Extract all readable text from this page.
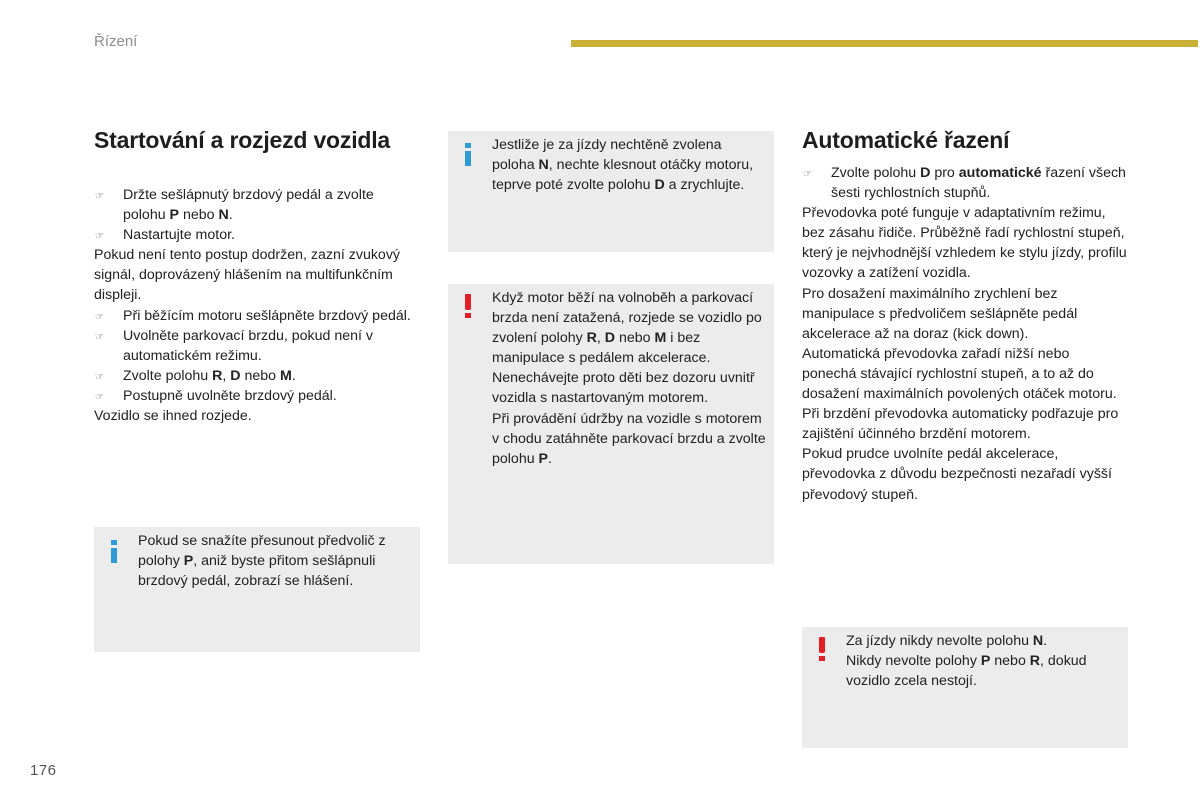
Řízení
Startování a rozjezd vozidla
☞ Držte sešlápnutý brzdový pedál a zvolte polohu P nebo N.
☞ Nastartujte motor.

Pokud není tento postup dodržen, zazní zvukový signál, doprovázený hlášením na multifunkčním displeji.

☞ Při běžícím motoru sešlápněte brzdový pedál.
☞ Uvolněte parkovací brzdu, pokud není v automatickém režimu.
☞ Zvolte polohu R, D nebo M.
☞ Postupně uvolněte brzdový pedál.

Vozidlo se ihned rozjede.

Pokud se snažíte přesunout předvolič z polohy P, aniž byste přitom sešlápnuli brzdový pedál, zobrazí se hlášení.
Jestliže je za jízdy nechtěně zvolena poloha N, nechte klesnout otáčky motoru, teprve poté zvolte polohu D a zrychlujte.
Když motor běží na volnoběh a parkovací brzda není zatažená, rozjede se vozidlo po zvolení polohy R, D nebo M i bez manipulace s pedálem akcelerace.
Nenechávejte proto děti bez dozoru uvnitř vozidla s nastartovaným motorem.
Při provádění údržby na vozidle s motorem v chodu zatáhněte parkovací brzdu a zvolte polohu P.
Automatické řazení
☞ Zvolte polohu D pro automatické řazení všech šesti rychlostních stupňů.

Převodovka poté funguje v adaptativním režimu, bez zásahu řidiče. Průběžně řadí rychlostní stupeň, který je nejvhodnější vzhledem ke stylu jízdy, profilu vozovky a zatížení vozidla.

Pro dosažení maximálního zrychlení bez manipulace s předvoličem sešlápněte pedál akcelerace až na doraz (kick down).

Automatická převodovka zařadí nižší nebo ponechá stávající rychlostní stupeň, a to až do dosažení maximálních povolených otáček motoru.

Při brzdění převodovka automaticky podřazuje pro zajištění účinného brzdění motorem.

Pokud prudce uvolníte pedál akcelerace, převodovka z důvodu bezpečnosti nezařadí vyšší převodový stupeň.

Za jízdy nikdy nevolte polohu N.
Nikdy nevolte polohy P nebo R, dokud vozidlo zcela nestojí.
176
